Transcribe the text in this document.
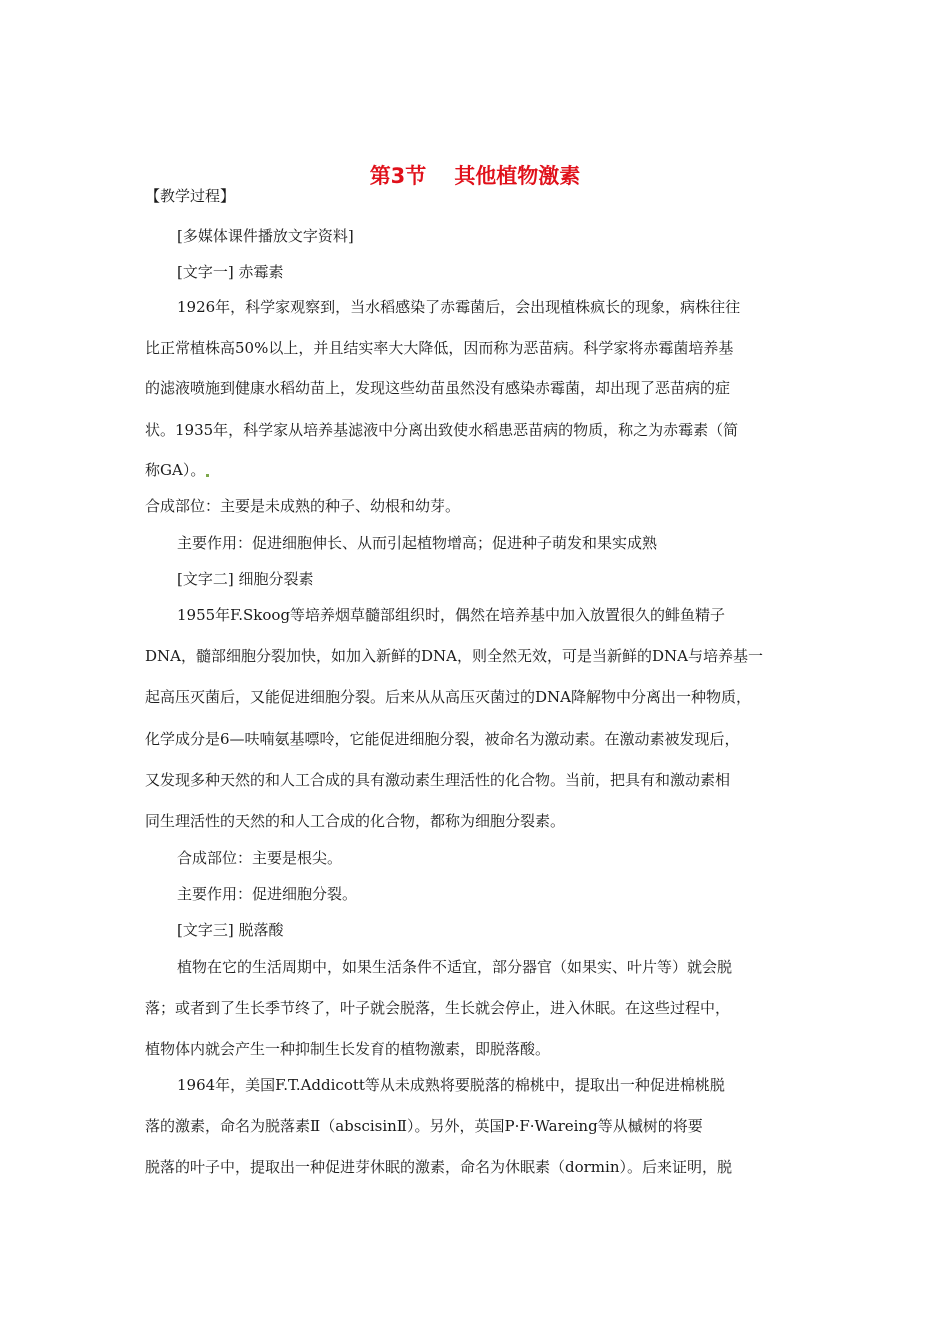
第3节 其他植物激素
【教学过程】
[多媒体课件播放文字资料]
[文字一] 赤霉素
1926年，科学家观察到，当水稻感染了赤霉菌后，会出现植株疯长的现象，病株往往
比正常植株高50%以上，并且结实率大大降低，因而称为恶苗病。科学家将赤霉菌培养基
的滤液喷施到健康水稻幼苗上，发现这些幼苗虽然没有感染赤霉菌，却出现了恶苗病的症
状。1935年，科学家从培养基滤液中分离出致使水稻患恶苗病的物质，称之为赤霉素（简
称GA）。
合成部位：主要是未成熟的种子、幼根和幼芽。
主要作用：促进细胞伸长、从而引起植物增高；促进种子萌发和果实成熟
[文字二] 细胞分裂素
1955年F.Skoog等培养烟草髓部组织时，偶然在培养基中加入放置很久的鲱鱼精子
DNA，髓部细胞分裂加快，如加入新鲜的DNA，则全然无效，可是当新鲜的DNA与培养基一
起高压灭菌后，又能促进细胞分裂。后来从从高压灭菌过的DNA降解物中分离出一种物质，
化学成分是6—呋喃氨基嘌呤，它能促进细胞分裂，被命名为激动素。在激动素被发现后，
又发现多种天然的和人工合成的具有激动素生理活性的化合物。当前，把具有和激动素相
同生理活性的天然的和人工合成的化合物，都称为细胞分裂素。
合成部位：主要是根尖。
主要作用：促进细胞分裂。
[文字三] 脱落酸
植物在它的生活周期中，如果生活条件不适宜，部分器官（如果实、叶片等）就会脱
落；或者到了生长季节终了，叶子就会脱落，生长就会停止，进入休眠。在这些过程中，
植物体内就会产生一种抑制生长发育的植物激素，即脱落酸。
1964年，美国F.T.Addicott等从未成熟将要脱落的棉桃中，提取出一种促进棉桃脱
落的激素，命名为脱落素Ⅱ（abscisinⅡ）。另外，英国P·F·Wareing等从槭树的将要
脱落的叶子中，提取出一种促进芽休眠的激素，命名为休眠素（dormin）。后来证明，脱
